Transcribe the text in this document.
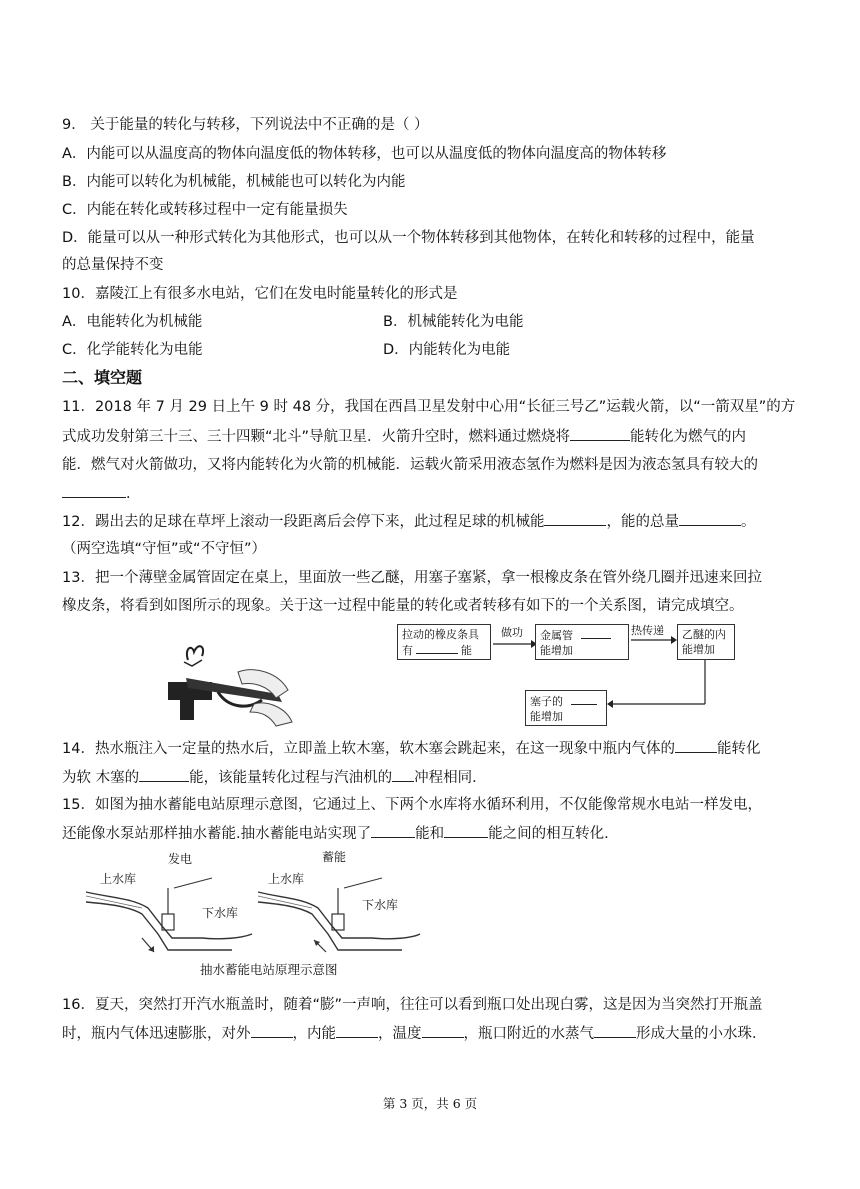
9． 关于能量的转化与转移，下列说法中不正确的是（ ）
A．内能可以从温度高的物体向温度低的物体转移，也可以从温度低的物体向温度高的物体转移
B．内能可以转化为机械能，机械能也可以转化为内能
C．内能在转化或转移过程中一定有能量损失
D．能量可以从一种形式转化为其他形式，也可以从一个物体转移到其他物体，在转化和转移的过程中，能量
的总量保持不变
10．嘉陵江上有很多水电站，它们在发电时能量转化的形式是
A．电能转化为机械能	B．机械能转化为电能
C．化学能转化为电能	D．内能转化为电能
二、填空题
11．2018 年 7 月 29 日上午 9 时 48 分，我国在西昌卫星发射中心用“长征三号乙”运载火箭，以“一箭双星”的方
式成功发射第三十三、三十四颗“北斗”导航卫星．火箭升空时，燃料通过燃烧将	能转化为燃气的内
能．燃气对火箭做功，又将内能转化为火箭的机械能．运载火箭采用液态氢作为燃料是因为液态氢具有较大的
．
12．踢出去的足球在草坪上滚动一段距离后会停下来，此过程足球的机械能	，能的总量	。
（两空选填“守恒”或“不守恒”）
13．把一个薄壁金属管固定在桌上，里面放一些乙醚，用塞子塞紧，拿一根橡皮条在管外绕几圈并迅速来回拉
橡皮条，将看到如图所示的现象。关于这一过程中能量的转化或者转移有如下的一个关系图，请完成填空。
拉动的橡皮条具
有	能
做功 金属管
能增加
热传递 乙醚的内
能增加
塞子的
能增加
14．热水瓶注入一定量的热水后，立即盖上软木塞，软木塞会跳起来，在这一现象中瓶内气体的	能转化
为软 木塞的	能，该能量转化过程与汽油机的 冲程相同．
15．如图为抽水蓄能电站原理示意图，它通过上、下两个水库将水循环利用，不仅能像常规水电站一样发电，
还能像水泵站那样抽水蓄能.抽水蓄能电站实现了	能和	能之间的相互转化.
发电	蓄能
上水库
下水库
上水库
下水库
抽水蓄能电站原理示意图
16．夏天，突然打开汽水瓶盖时，随着“膨”一声响，往往可以看到瓶口处出现白雾，这是因为当突然打开瓶盖
时，瓶内气体迅速膨胀，对外	，内能	，温度	，瓶口附近的水蒸气	形成大量的小水珠．
第 3 页，共 6 页
